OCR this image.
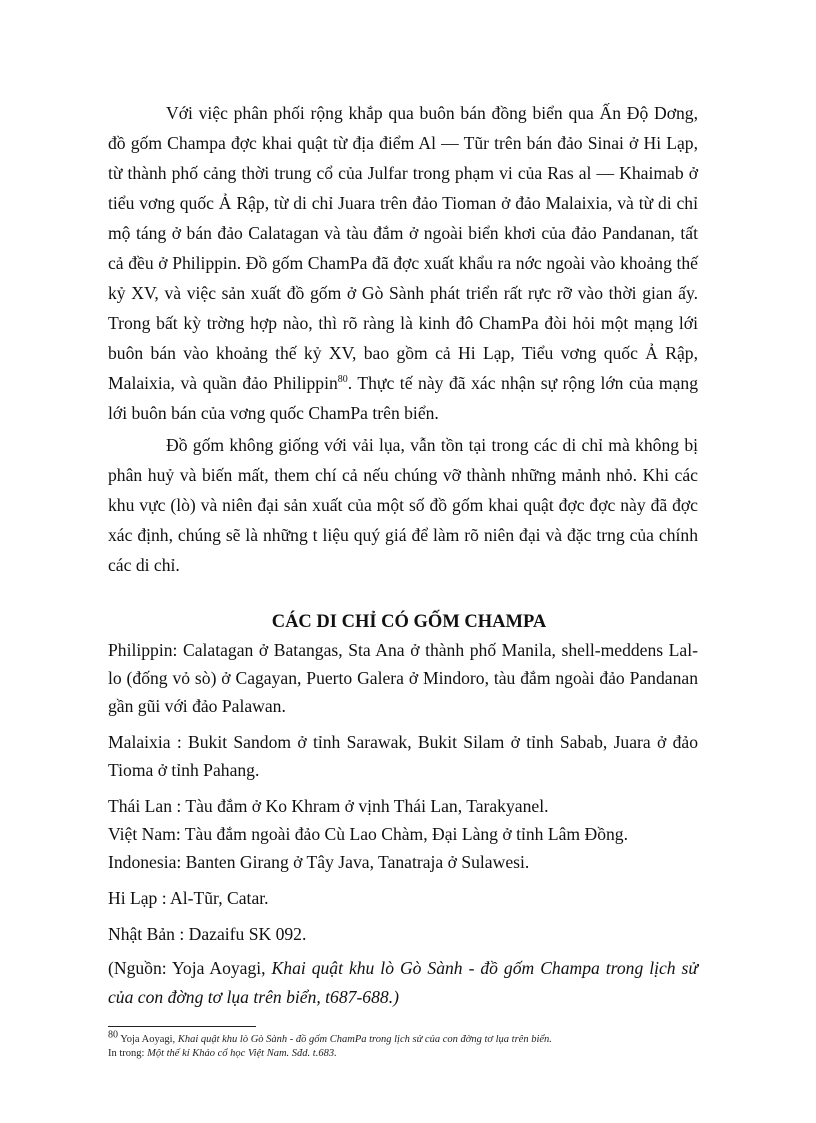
Với việc phân phối rộng khắp qua buôn bán đồng biển qua Ấn Độ Dơng, đồ gốm Champa đợc khai quật từ địa điểm Al — Tũr trên bán đảo Sinai ở Hi Lạp, từ thành phố cảng thời trung cổ của Julfar trong phạm vi của Ras al — Khaimab ở tiểu vơng quốc Ả Rập, từ di chỉ Juara trên đảo Tioman ở đảo Malaixia, và từ di chỉ mộ táng ở bán đảo Calatagan và tàu đắm ở ngoài biển khơi của đảo Pandanan, tất cả đều ở Philippin. Đồ gốm ChamPa đã đợc xuất khẩu ra nớc ngoài vào khoảng thế kỷ XV, và việc sản xuất đồ gốm ở Gò Sành phát triển rất rực rỡ vào thời gian ấy. Trong bất kỳ trờng hợp nào, thì rõ ràng là kinh đô ChamPa đòi hỏi một mạng lới buôn bán vào khoảng thế kỷ XV, bao gồm cả Hi Lạp, Tiểu vơng quốc Ả Rập, Malaixia, và quần đảo Philippin$^{80}$. Thực tế này đã xác nhận sự rộng lớn của mạng lới buôn bán của vơng quốc ChamPa trên biển.

Đồ gốm không giống với vải lụa, vẫn tồn tại trong các di chỉ mà không bị phân huỷ và biến mất, them chí cả nếu chúng vỡ thành những mảnh nhỏ. Khi các khu vực (lò) và niên đại sản xuất của một số đồ gốm khai quật đợc đợc này đã đợc xác định, chúng sẽ là những t liệu quý giá để làm rõ niên đại và đặc trng của chính các di chỉ.

CÁC DI CHỈ CÓ GỐM CHAMPA

Philippin: Calatagan ở Batangas, Sta Ana ở thành phố Manila, shell-meddens Lal-lo (đống vỏ sò) ở Cagayan, Puerto Galera ở Mindoro, tàu đắm ngoài đảo Pandanan gần gũi với đảo Palawan.

Malaixia : Bukit Sandom ở tỉnh Sarawak, Bukit Silam ở tỉnh Sabab, Juara ở đảo Tioma ở tỉnh Pahang.

Thái Lan : Tàu đắm ở Ko Khram ở vịnh Thái Lan, Tarakyanel.

Việt Nam: Tàu đắm ngoài đảo Cù Lao Chàm, Đại Làng ở tỉnh Lâm Đồng.

Indonesia: Banten Girang ở Tây Java, Tanatraja ở Sulawesi.

Hi Lạp : Al-Tũr, Catar.

Nhật Bản : Dazaifu SK 092.

(Nguồn: Yoja Aoyagi, Khai quật khu lò Gò Sành - đồ gốm Champa trong lịch sử của con đờng tơ lụa trên biển, t687-688.)

80 Yoja Aoyagi, Khai quật khu lò Gò Sành - đồ gốm ChamPa trong lịch sử của con đờng tơ lụa trên biển.
In trong: Một thế kỉ Khảo cổ học Việt Nam. Sđd. t.683.
